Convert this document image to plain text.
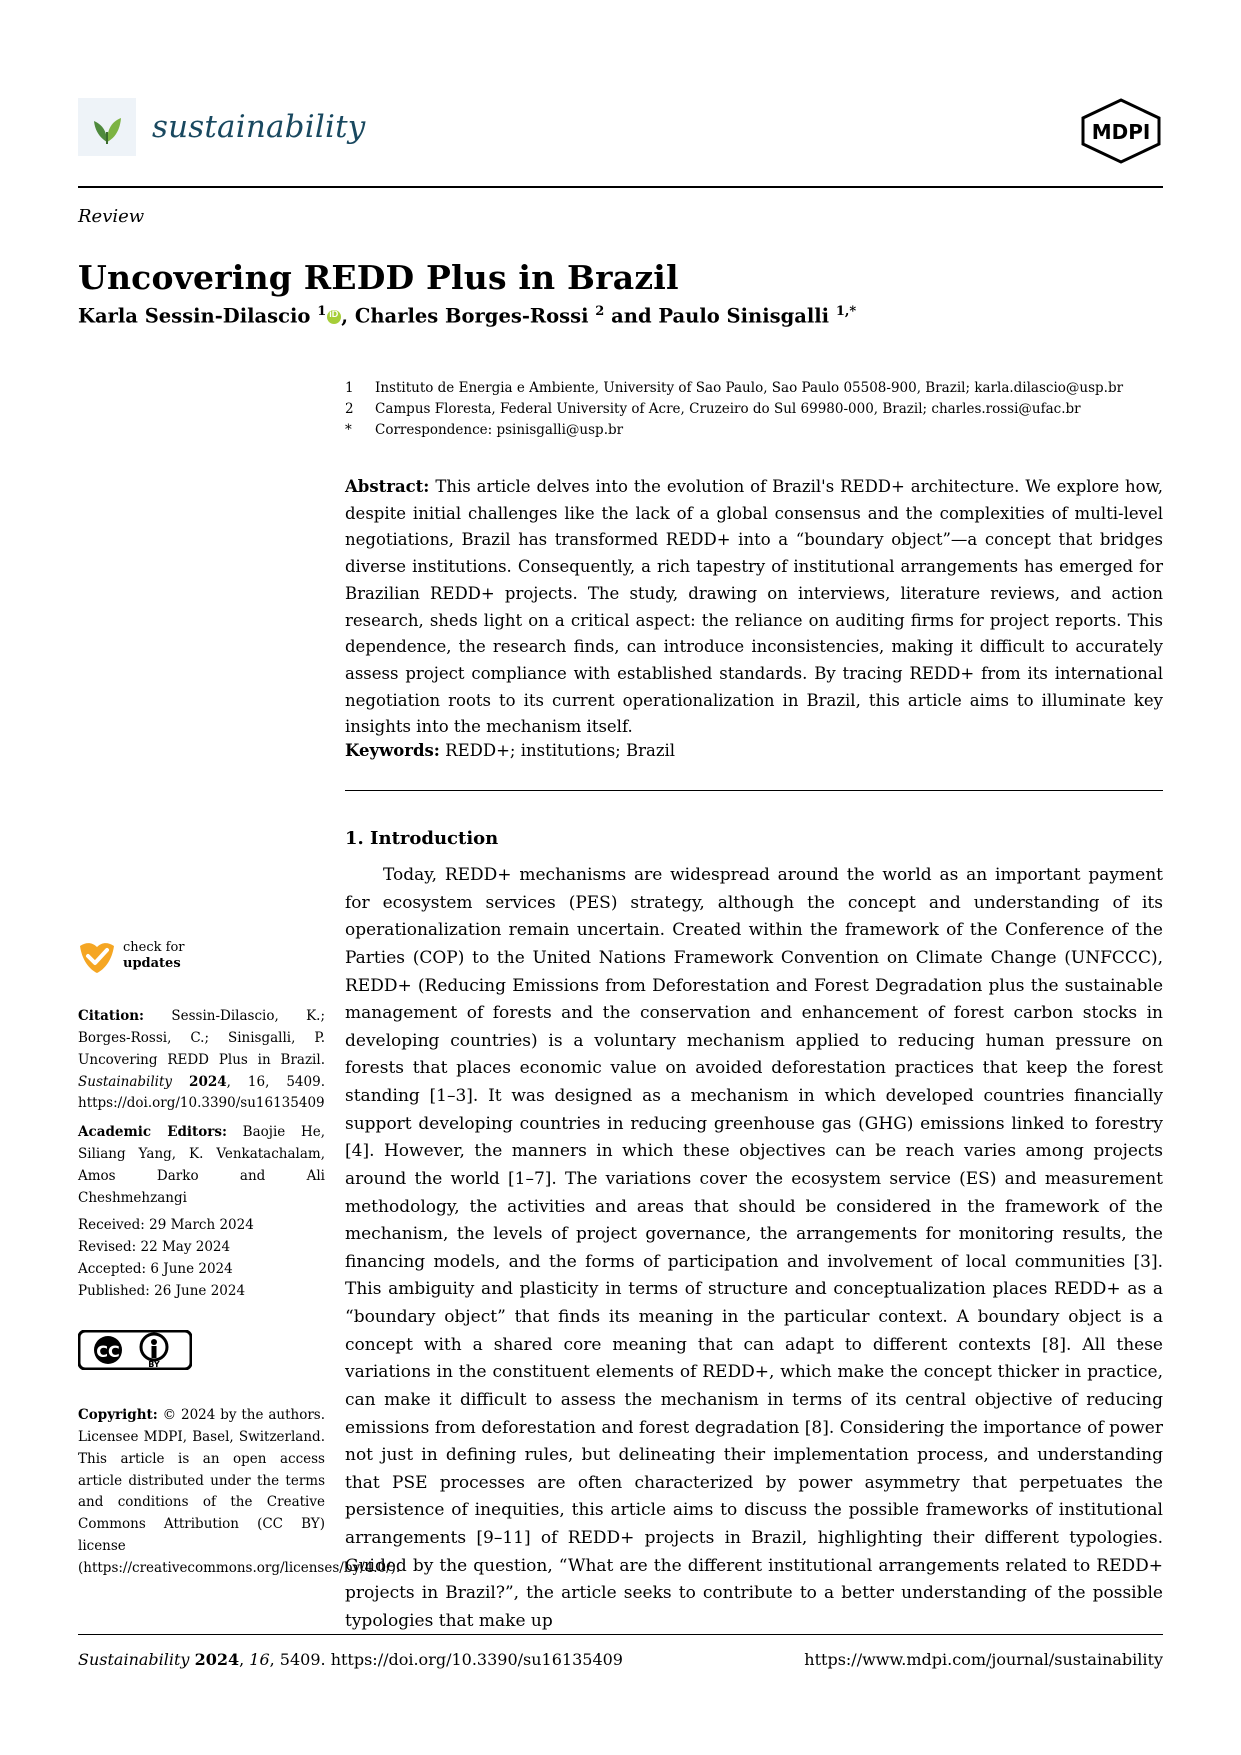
sustainability	MDPI
Review
Uncovering REDD Plus in Brazil
Karla Sessin-Dilascio $^1$ iD , Charles Borges-Rossi $^2$ and Paulo Sinisgalli $^{1,*}$
1	Instituto de Energia e Ambiente, University of Sao Paulo, Sao Paulo 05508-900, Brazil; karla.dilascio@usp.br
2	Campus Floresta, Federal University of Acre, Cruzeiro do Sul 69980-000, Brazil; charles.rossi@ufac.br
*	Correspondence: psinisgalli@usp.br
Abstract: This article delves into the evolution of Brazil's REDD+ architecture. We explore how, despite initial challenges like the lack of a global consensus and the complexities of multi-level negotiations, Brazil has transformed REDD+ into a “boundary object”—a concept that bridges diverse institutions. Consequently, a rich tapestry of institutional arrangements has emerged for Brazilian REDD+ projects. The study, drawing on interviews, literature reviews, and action research, sheds light on a critical aspect: the reliance on auditing firms for project reports. This dependence, the research finds, can introduce inconsistencies, making it difficult to accurately assess project compliance with established standards. By tracing REDD+ from its international negotiation roots to its current operationalization in Brazil, this article aims to illuminate key insights into the mechanism itself.
Keywords: REDD+; institutions; Brazil
1. Introduction

Today, REDD+ mechanisms are widespread around the world as an important payment for ecosystem services (PES) strategy, although the concept and understanding of its operationalization remain uncertain. Created within the framework of the Conference of the Parties (COP) to the United Nations Framework Convention on Climate Change (UNFCCC), REDD+ (Reducing Emissions from Deforestation and Forest Degradation plus the sustainable management of forests and the conservation and enhancement of forest carbon stocks in developing countries) is a voluntary mechanism applied to reducing human pressure on forests that places economic value on avoided deforestation practices that keep the forest standing [1–3]. It was designed as a mechanism in which developed countries financially support developing countries in reducing greenhouse gas (GHG) emissions linked to forestry [4]. However, the manners in which these objectives can be reach varies among projects around the world [1–7]. The variations cover the ecosystem service (ES) and measurement methodology, the activities and areas that should be considered in the framework of the mechanism, the levels of project governance, the arrangements for monitoring results, the financing models, and the forms of participation and involvement of local communities [3]. This ambiguity and plasticity in terms of structure and conceptualization places REDD+ as a “boundary object” that finds its meaning in the particular context. A boundary object is a concept with a shared core meaning that can adapt to different contexts [8]. All these variations in the constituent elements of REDD+, which make the concept thicker in practice, can make it difficult to assess the mechanism in terms of its central objective of reducing emissions from deforestation and forest degradation [8]. Considering the importance of power not just in defining rules, but delineating their implementation process, and understanding that PSE processes are often characterized by power asymmetry that perpetuates the persistence of inequities, this article aims to discuss the possible frameworks of institutional arrangements [9–11] of REDD+ projects in Brazil, highlighting their different typologies. Guided by the question, “What are the different institutional arrangements related to REDD+ projects in Brazil?”, the article seeks to contribute to a better understanding of the possible typologies that make up

check for
updates
Citation: Sessin-Dilascio, K.; Borges-Rossi, C.; Sinisgalli, P. Uncovering REDD Plus in Brazil. Sustainability 2024, 16, 5409. https://doi.org/10.3390/su16135409
Academic Editors: Baojie He, Siliang Yang, K. Venkatachalam, Amos Darko and Ali Cheshmehzangi
Received: 29 March 2024
Revised: 22 May 2024
Accepted: 6 June 2024
Published: 26 June 2024
CC
BY
Copyright: © 2024 by the authors. Licensee MDPI, Basel, Switzerland. This article is an open access article distributed under the terms and conditions of the Creative Commons Attribution (CC BY) license (https://creativecommons.org/licenses/by/4.0/).
Sustainability 2024, 16, 5409. https://doi.org/10.3390/su16135409	https://www.mdpi.com/journal/sustainability
